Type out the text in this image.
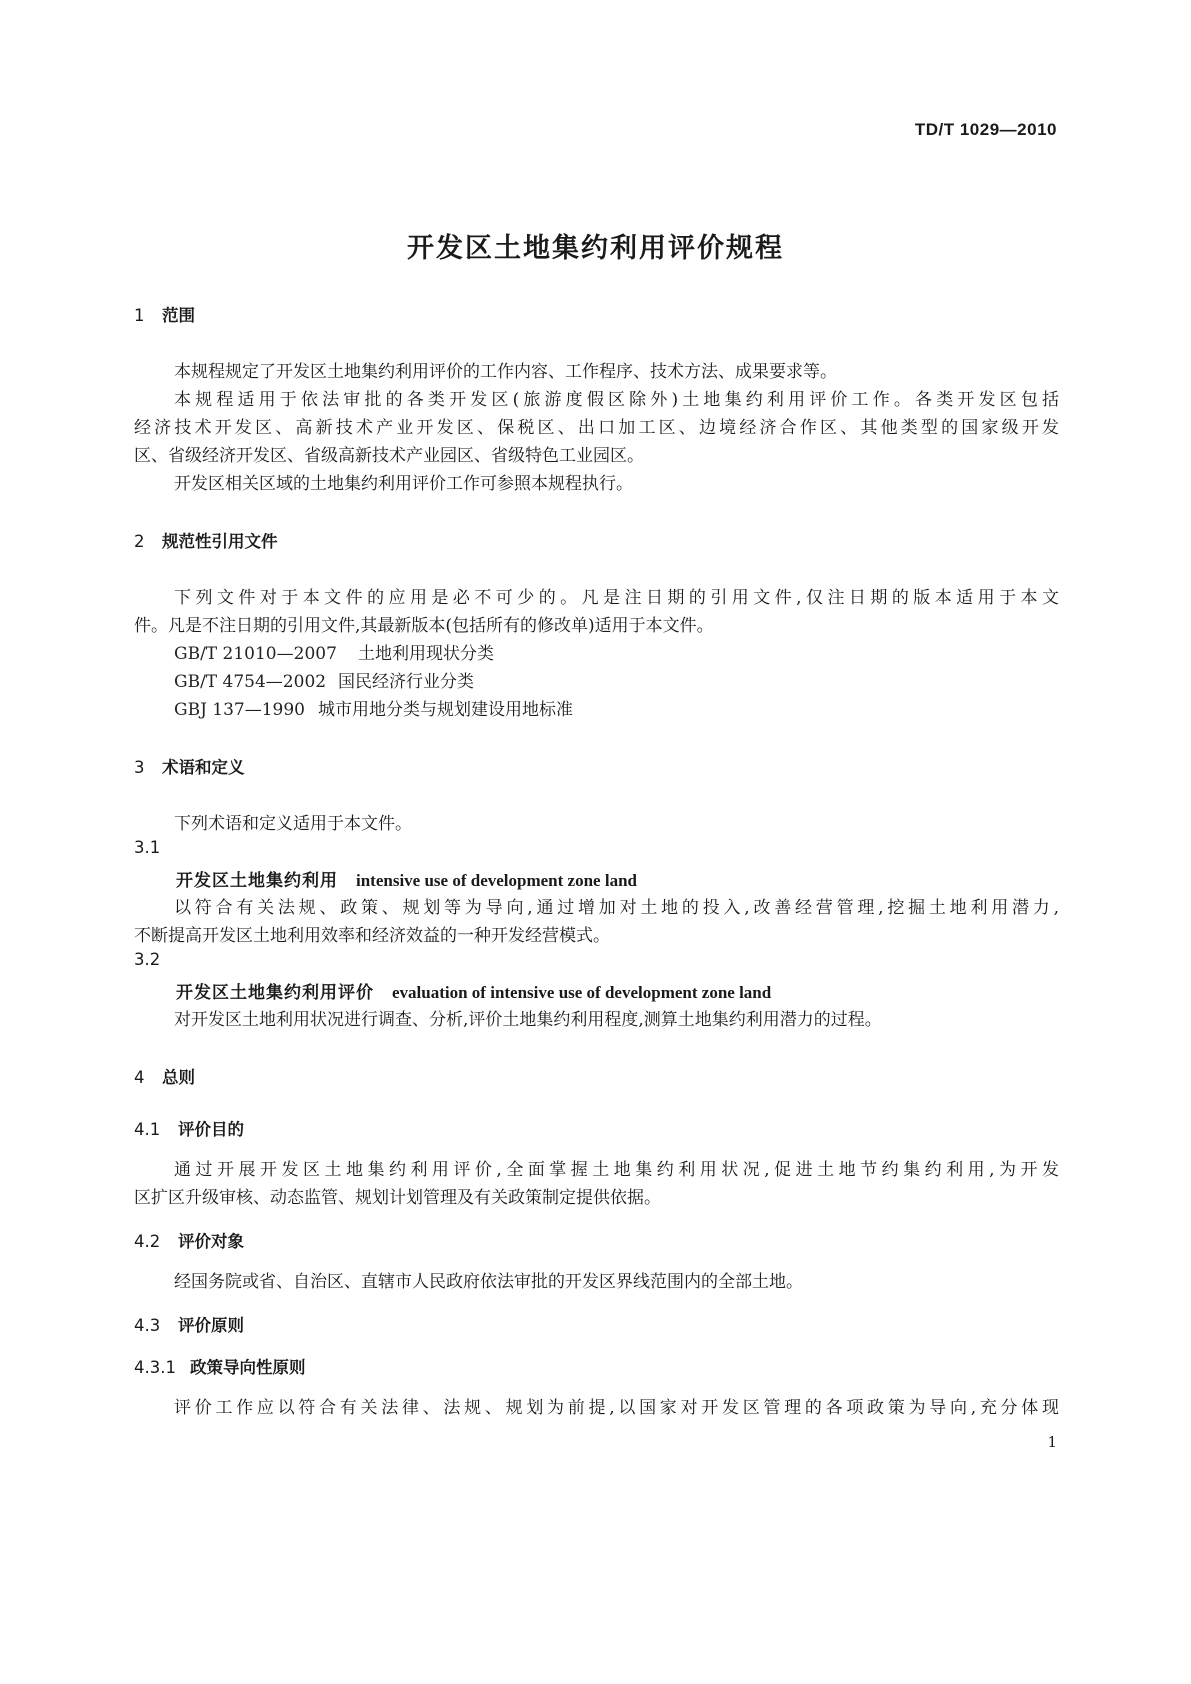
TD/T 1029—2010
开发区土地集约利用评价规程
1 范围
本规程规定了开发区土地集约利用评价的工作内容、工作程序、技术方法、成果要求等。
本规程适用于依法审批的各类开发区(旅游度假区除外)土地集约利用评价工作。各类开发区包括
经济技术开发区、高新技术产业开发区、保税区、出口加工区、边境经济合作区、其他类型的国家级开发
区、省级经济开发区、省级高新技术产业园区、省级特色工业园区。
开发区相关区域的土地集约利用评价工作可参照本规程执行。
2 规范性引用文件
下列文件对于本文件的应用是必不可少的。凡是注日期的引用文件,仅注日期的版本适用于本文
件。凡是不注日期的引用文件,其最新版本(包括所有的修改单)适用于本文件。
GB/T 21010—2007 土地利用现状分类
GB/T 4754—2002 国民经济行业分类
GBJ 137—1990 城市用地分类与规划建设用地标准
3 术语和定义
下列术语和定义适用于本文件。
3.1
开发区土地集约利用 intensive use of development zone land
以符合有关法规、政策、规划等为导向,通过增加对土地的投入,改善经营管理,挖掘土地利用潜力,
不断提高开发区土地利用效率和经济效益的一种开发经营模式。
3.2
开发区土地集约利用评价 evaluation of intensive use of development zone land
对开发区土地利用状况进行调查、分析,评价土地集约利用程度,测算土地集约利用潜力的过程。
4 总则
4.1 评价目的
通过开展开发区土地集约利用评价,全面掌握土地集约利用状况,促进土地节约集约利用,为开发
区扩区升级审核、动态监管、规划计划管理及有关政策制定提供依据。
4.2 评价对象
经国务院或省、自治区、直辖市人民政府依法审批的开发区界线范围内的全部土地。
4.3 评价原则
4.3.1 政策导向性原则
评价工作应以符合有关法律、法规、规划为前提,以国家对开发区管理的各项政策为导向,充分体现
1
